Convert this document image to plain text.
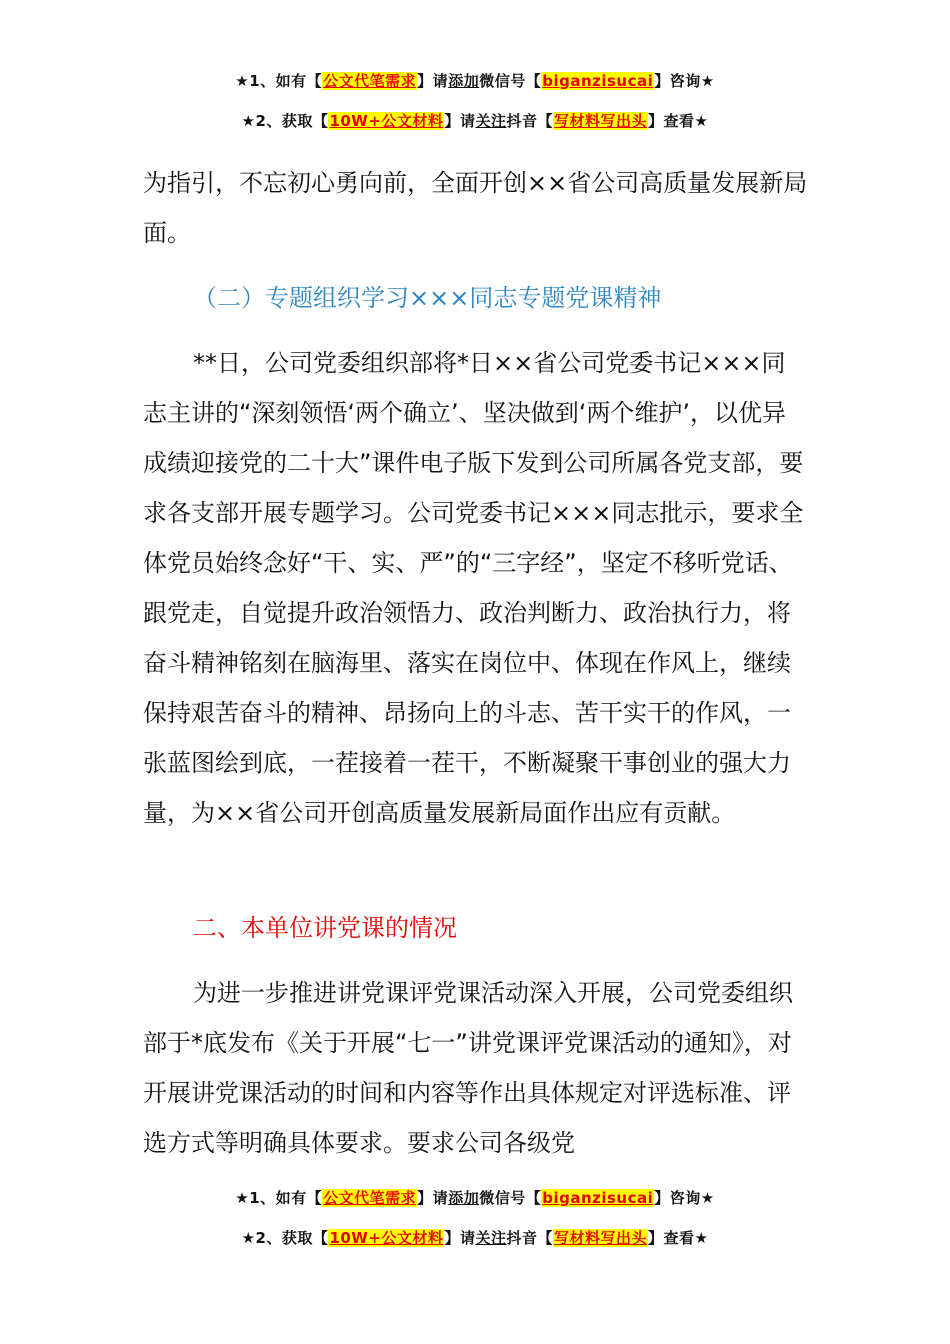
★1、如有【公文代笔需求】请添加微信号【biganzisucai】咨询★
★2、获取【10W+公文材料】请关注抖音【写材料写出头】查看★

为指引，不忘初心勇向前，全面开创××省公司高质量发展新局面。

（二）专题组织学习×××同志专题党课精神

**日，公司党委组织部将*日××省公司党委书记×××同志主讲的“深刻领悟‘两个确立’、坚决做到‘两个维护’，以优异成绩迎接党的二十大”课件电子版下发到公司所属各党支部，要求各支部开展专题学习。公司党委书记×××同志批示，要求全体党员始终念好“干、实、严”的“三字经”，坚定不移听党话、跟党走，自觉提升政治领悟力、政治判断力、政治执行力，将奋斗精神铭刻在脑海里、落实在岗位中、体现在作风上，继续保持艰苦奋斗的精神、昂扬向上的斗志、苦干实干的作风，一张蓝图绘到底，一茬接着一茬干，不断凝聚干事创业的强大力量，为××省公司开创高质量发展新局面作出应有贡献。

二、本单位讲党课的情况

为进一步推进讲党课评党课活动深入开展，公司党委组织部于*底发布《关于开展“七一”讲党课评党课活动的通知》，对开展讲党课活动的时间和内容等作出具体规定对评选标准、评选方式等明确具体要求。要求公司各级党

★1、如有【公文代笔需求】请添加微信号【biganzisucai】咨询★
★2、获取【10W+公文材料】请关注抖音【写材料写出头】查看★
